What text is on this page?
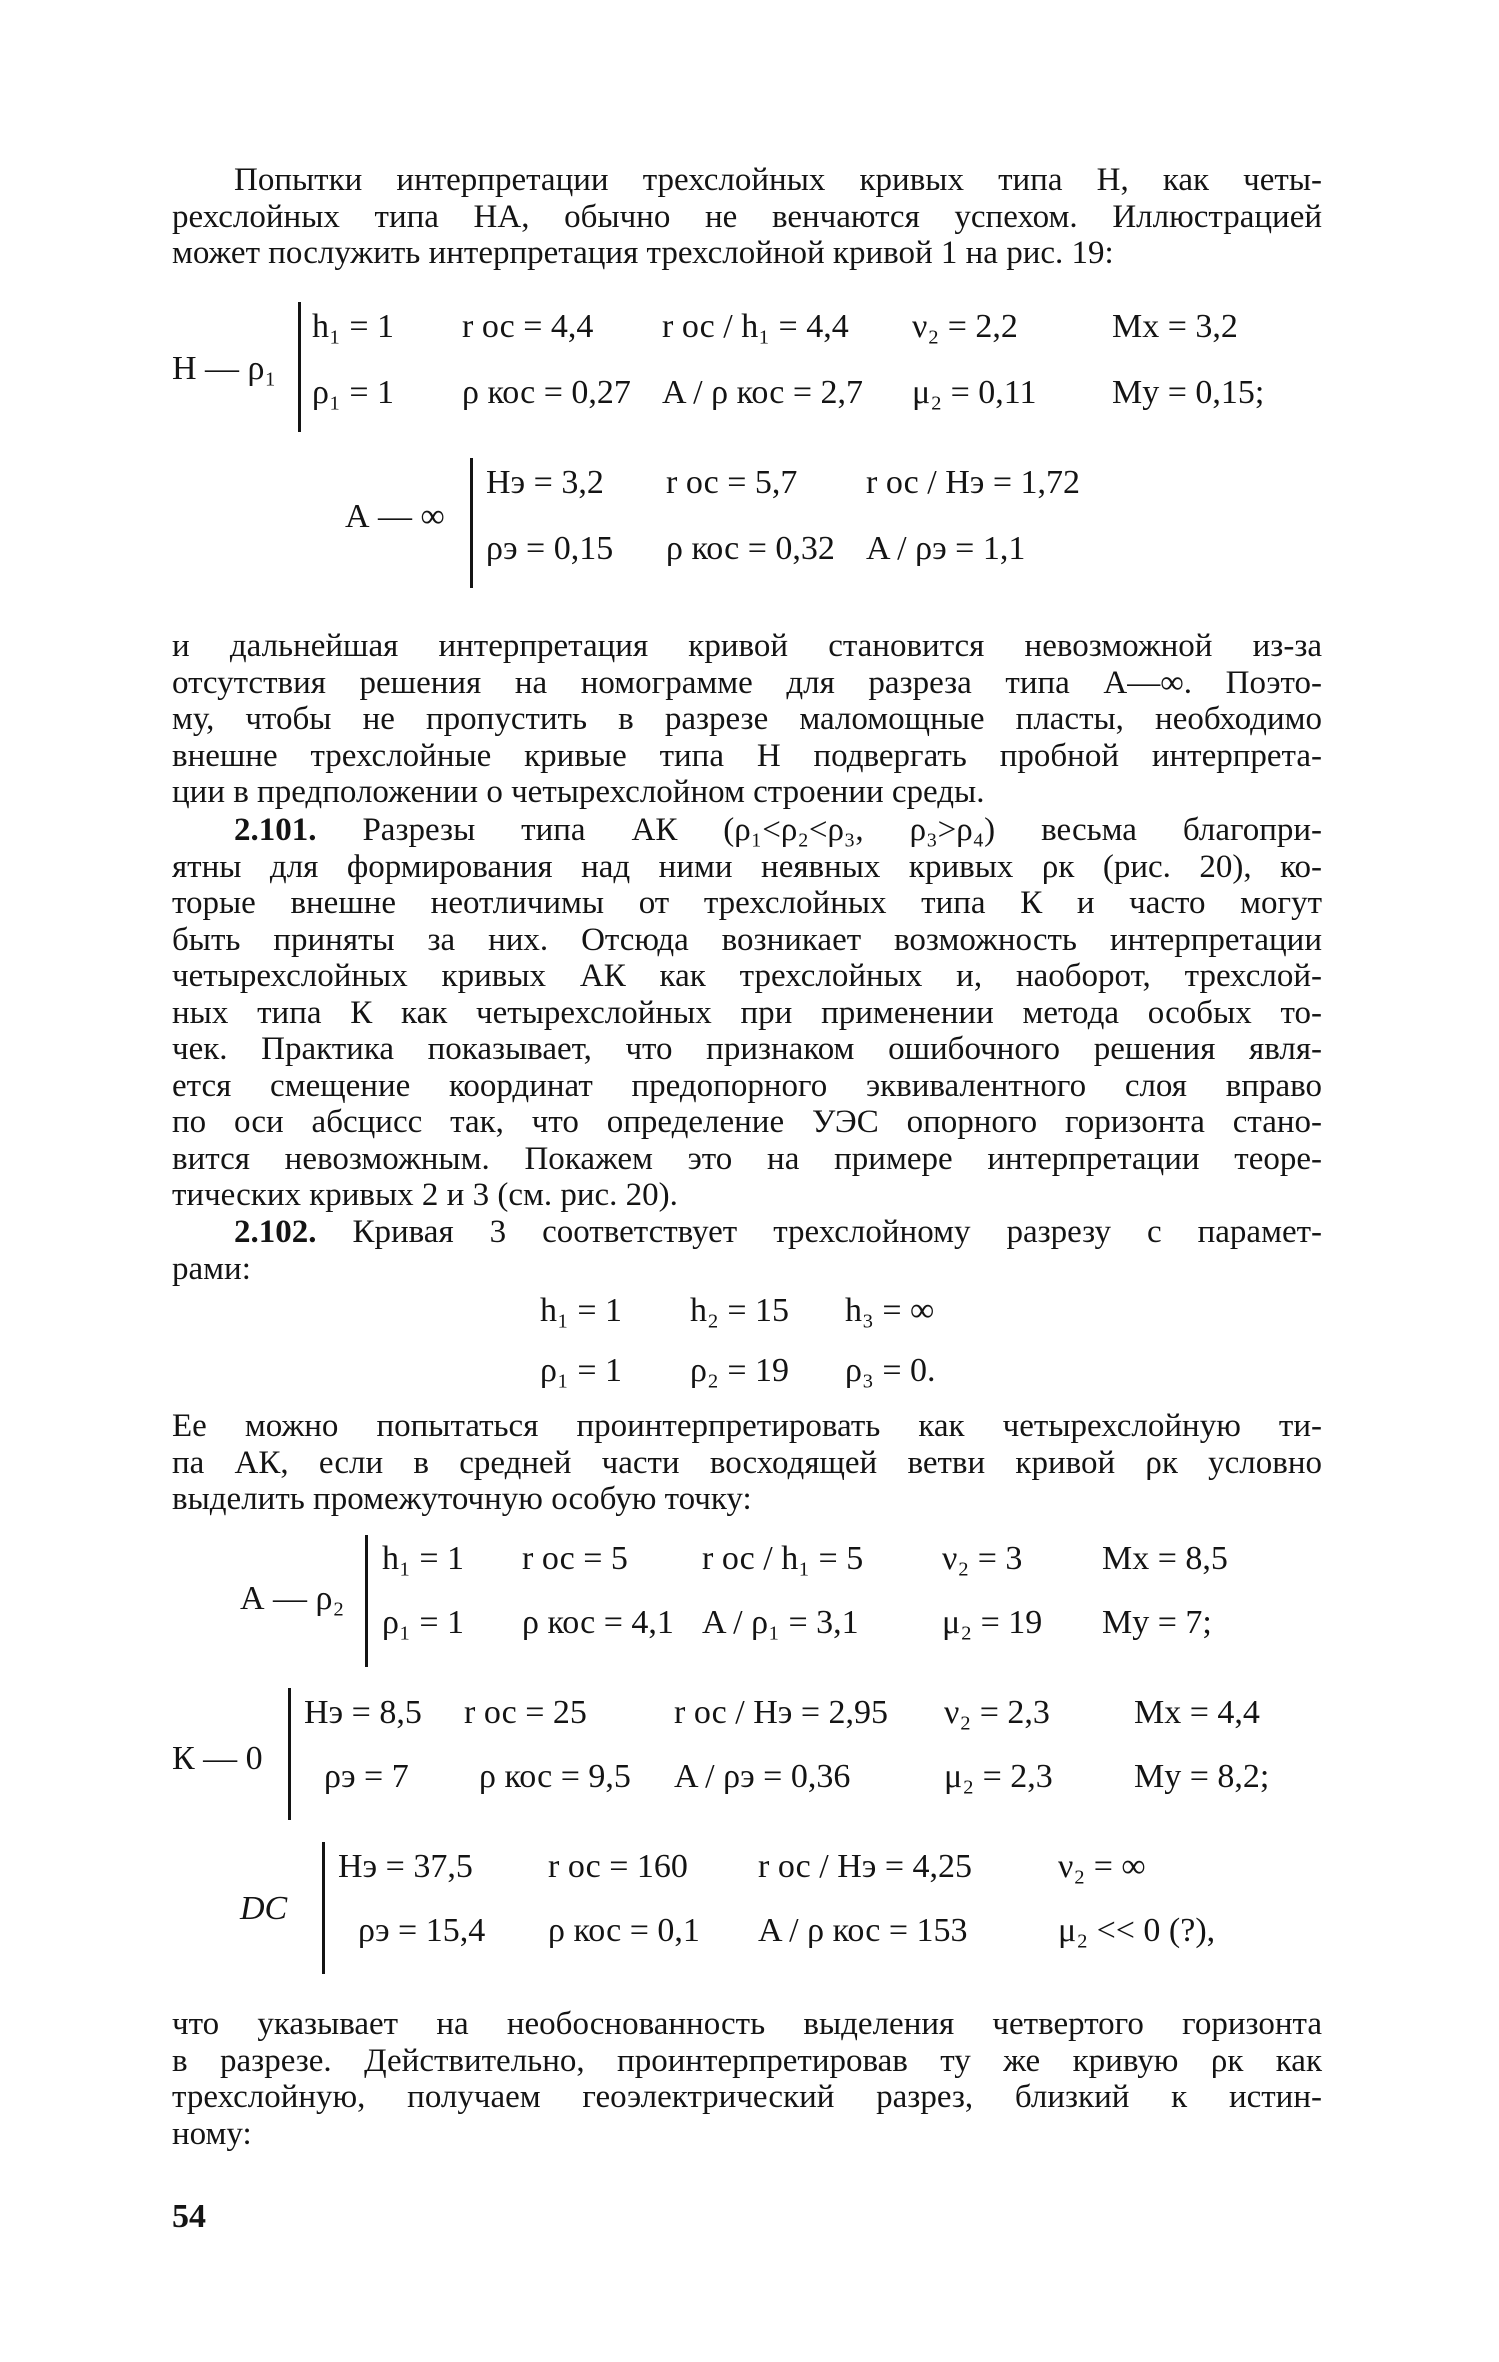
Попытки интерпретации трехслойных кривых типа Н, как четы-
рехслойных типа НА, обычно не венчаются успехом. Иллюстрацией
может послужить интерпретация трехслойной кривой 1 на рис. 19:
Н — ρ₁
h₁ = 1 r ос = 4,4 r ос / h₁ = 4,4 ν₂ = 2,2	Mx = 3,2
ρ₁ = 1 ρ кос = 0,27 A / ρ кос = 2,7 μ₂ = 0,11 My = 0,15;
А — ∞
Hэ = 3,2 r ос = 5,7 r ос / Hэ = 1,72
ρэ = 0,15 ρ кос = 0,32 A / ρэ = 1,1
и дальнейшая интерпретация кривой становится невозможной из-за
отсутствия решения на номограмме для разреза типа А—∞. Поэто-
му, чтобы не пропустить в разрезе маломощные пласты, необходимо
внешне трехслойные кривые типа Н подвергать пробной интерпрета-
ции в предположении о четырехслойном строении среды.
2.101. Разрезы типа АК (ρ₁<ρ₂<ρ₃, ρ₃>ρ₄) весьма благопри-
ятны для формирования над ними неявных кривых ρк (рис. 20), ко-
торые внешне неотличимы от трехслойных типа К и часто могут
быть приняты за них. Отсюда возникает возможность интерпретации
четырехслойных кривых АК как трехслойных и, наоборот, трехслой-
ных типа К как четырехслойных при применении метода особых то-
чек. Практика показывает, что признаком ошибочного решения явля-
ется смещение координат предопорного эквивалентного слоя вправо
по оси абсцисс так, что определение УЭС опорного горизонта стано-
вится невозможным. Покажем это на примере интерпретации теоре-
тических кривых 2 и 3 (см. рис. 20).
2.102. Кривая 3 соответствует трехслойному разрезу с парамет-
рами:
h₁ = 1 h₂ = 15 h₃ = ∞
ρ₁ = 1 ρ₂ = 19 ρ₃ = 0.
Ее можно попытаться проинтерпретировать как четырехслойную ти-
па АК, если в средней части восходящей ветви кривой ρк условно
выделить промежуточную особую точку:
А — ρ₂
h₁ = 1 r ос = 5 r ос / h₁ = 5 ν₂ = 3 Mx = 8,5
ρ₁ = 1 ρ кос = 4,1 A / ρ₁ = 3,1 μ₂ = 19 My = 7;
К — 0
Hэ = 8,5 r ос = 25	r ос / Hэ = 2,95 ν₂ = 2,3 Mx = 4,4
ρэ = 7 ρ кос = 9,5 A / ρэ = 0,36	μ₂ = 2,3 My = 8,2;
DC
Hэ = 37,5 r ос = 160 r ос / Hэ = 4,25	ν₂ = ∞
ρэ = 15,4 ρ кос = 0,1 A / ρ кос = 153	μ₂ << 0 (?),
что указывает на необоснованность выделения четвертого горизонта
в разрезе. Действительно, проинтерпретировав ту же кривую ρк как
трехслойную, получаем геоэлектрический разрез, близкий к истин-
ному:
54
